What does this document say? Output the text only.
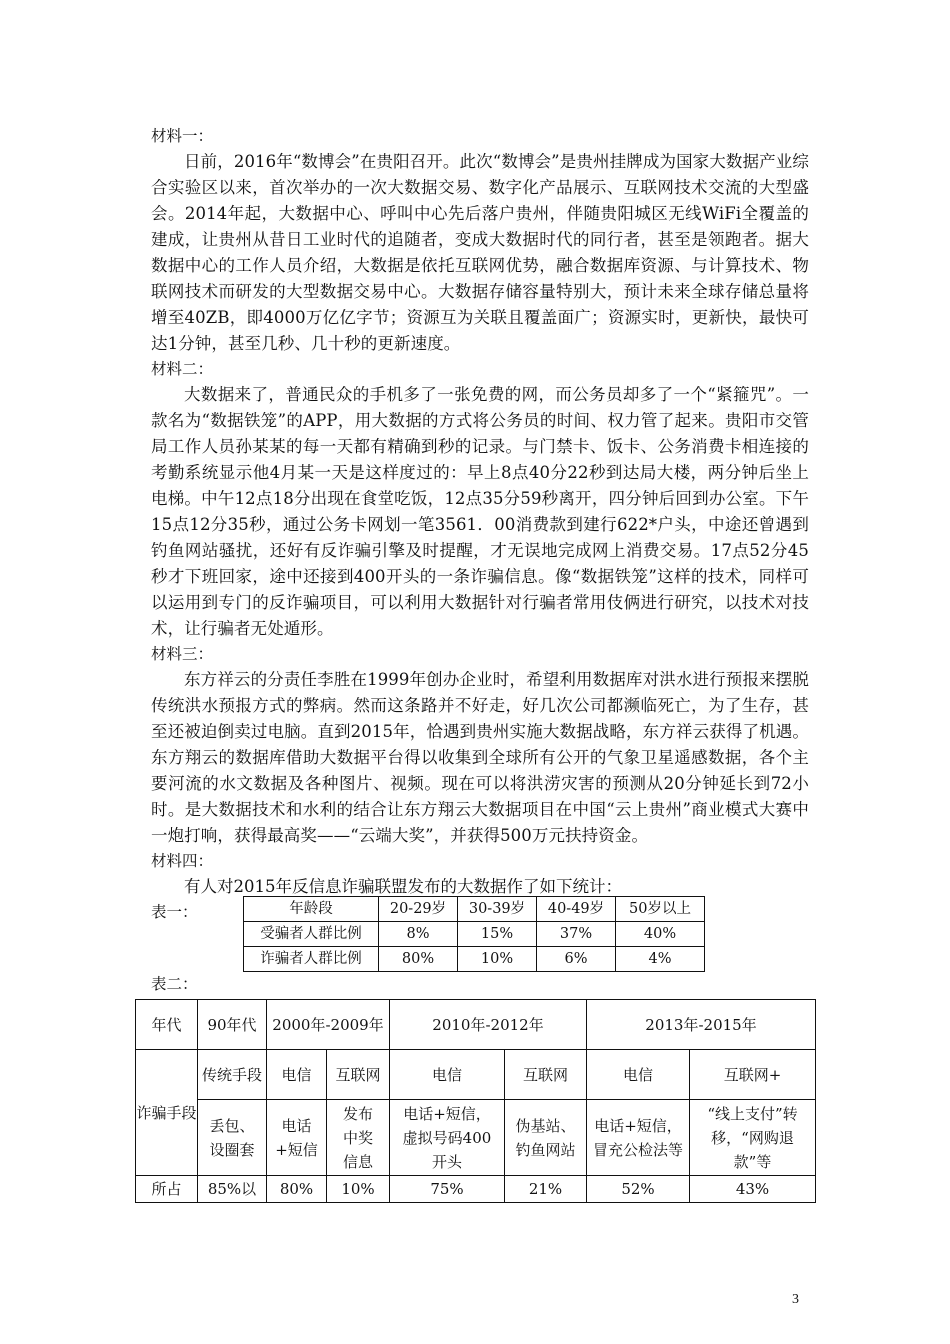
材料一：

日前，2016年“数博会”在贵阳召开。此次“数博会”是贵州挂牌成为国家大数据产业综合实验区以来，首次举办的一次大数据交易、数字化产品展示、互联网技术交流的大型盛会。2014年起，大数据中心、呼叫中心先后落户贵州，伴随贵阳城区无线WiFi全覆盖的建成，让贵州从昔日工业时代的追随者，变成大数据时代的同行者，甚至是领跑者。据大数据中心的工作人员介绍，大数据是依托互联网优势，融合数据库资源、与计算技术、物联网技术而研发的大型数据交易中心。大数据存储容量特别大，预计未来全球存储总量将增至40ZB，即4000万亿亿字节；资源互为关联且覆盖面广；资源实时，更新快，最快可达1分钟，甚至几秒、几十秒的更新速度。

材料二：

大数据来了，普通民众的手机多了一张免费的网，而公务员却多了一个“紧箍咒”。一款名为“数据铁笼”的APP，用大数据的方式将公务员的时间、权力管了起来。贵阳市交管局工作人员孙某某的每一天都有精确到秒的记录。与门禁卡、饭卡、公务消费卡相连接的考勤系统显示他4月某一天是这样度过的：早上8点40分22秒到达局大楼，两分钟后坐上电梯。中午12点18分出现在食堂吃饭，12点35分59秒离开，四分钟后回到办公室。下午15点12分35秒，通过公务卡网划一笔3561．00消费款到建行622*户头，中途还曾遇到钓鱼网站骚扰，还好有反诈骗引擎及时提醒，才无误地完成网上消费交易。17点52分45秒才下班回家，途中还接到400开头的一条诈骗信息。像“数据铁笼”这样的技术，同样可以运用到专门的反诈骗项目，可以利用大数据针对行骗者常用伎俩进行研究，以技术对技术，让行骗者无处遁形。

材料三：

东方祥云的分责任李胜在1999年创办企业时，希望利用数据库对洪水进行预报来摆脱传统洪水预报方式的弊病。然而这条路并不好走，好几次公司都濒临死亡，为了生存，甚至还被迫倒卖过电脑。直到2015年，恰遇到贵州实施大数据战略，东方祥云获得了机遇。东方翔云的数据库借助大数据平台得以收集到全球所有公开的气象卫星遥感数据，各个主要河流的水文数据及各种图片、视频。现在可以将洪涝灾害的预测从20分钟延长到72小时。是大数据技术和水利的结合让东方翔云大数据项目在中国“云上贵州”商业模式大赛中一炮打响，获得最高奖——“云端大奖”，并获得500万元扶持资金。

材料四：

有人对2015年反信息诈骗联盟发布的大数据作了如下统计：

表一：	年龄段	20-29岁	30-39岁	40-49岁	50岁以上
受骗者人群比例	8%	15%	37%	40%
诈骗者人群比例	80%	10%	6%	4%
表二：
年代	90年代	2000年-2009年		2010年-2012年		2013年-2015年	
诈骗手段	传统手段	电信	互联网	电信	互联网	电信	互联网+
	丢包、设圈套	电话+短信	发布中奖信息	电话+短信，虚拟号码400开头	伪基站、钓鱼网站	电话+短信，冒充公检法等	“线上支付”转移，“网购退款”等
所占	85%以	80%	10%	75%	21%	52%	43%
3
